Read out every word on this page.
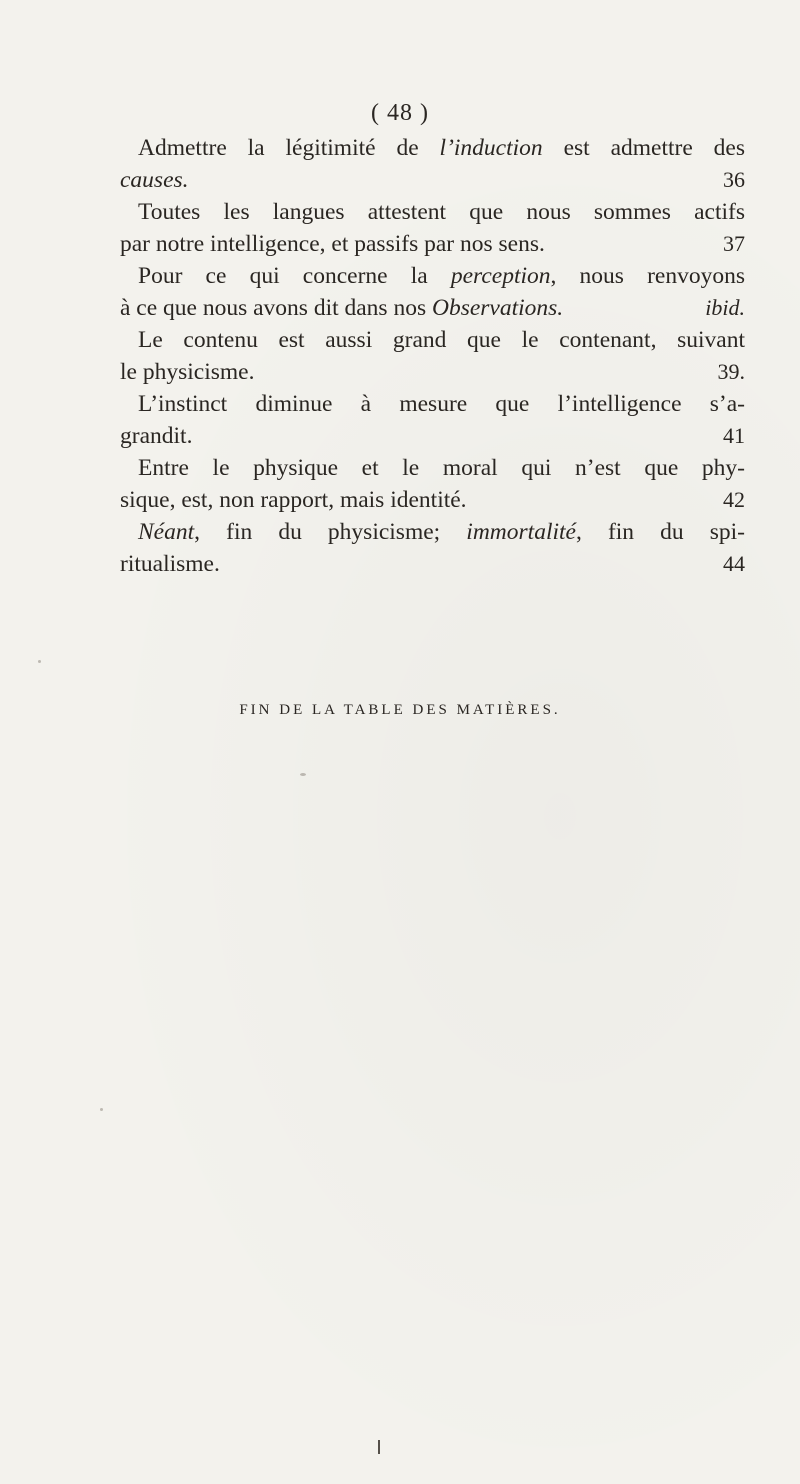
( 48 )
Admettre la légitimité de l’induction est admettre des
causes.	36
Toutes les langues attestent que nous sommes actifs
par notre intelligence, et passifs par nos sens.	37
Pour ce qui concerne la perception, nous renvoyons
à ce que nous avons dit dans nos Observations.	ibid.
Le contenu est aussi grand que le contenant, suivant
le physicisme.	39.
L’instinct diminue à mesure que l’intelligence s’a-
grandit.	41
Entre le physique et le moral qui n’est que phy-
sique, est, non rapport, mais identité.	42
Néant, fin du physicisme; immortalité, fin du spi-
ritualisme.	44
FIN DE LA TABLE DES MATIÈRES.
